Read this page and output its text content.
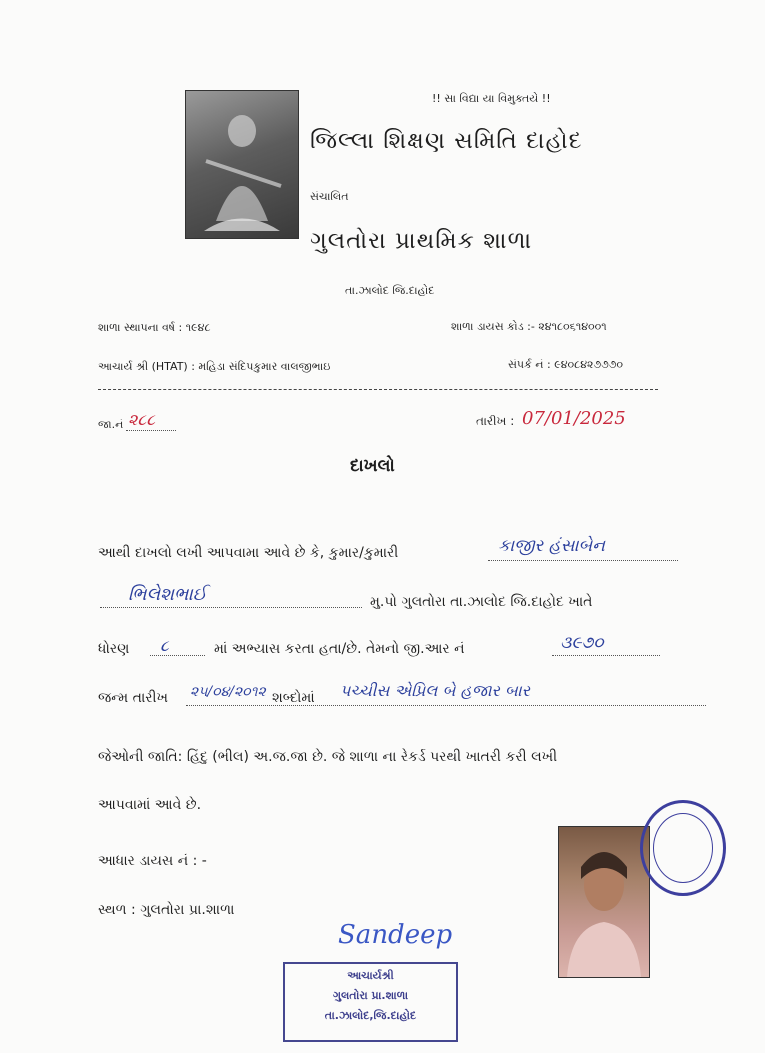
!! સા વિદ્યા યા વિમુક્તયે !!
જિલ્લા શિક્ષણ સમિતિ દાહોદ
સંચાલિત
ગુલતોરા પ્રાથમિક શાળા
તા.ઝાલોદ જિ.દાહોદ
શાળા સ્થાપના વર્ષ : ૧૯૪૮	શાળા ડાયસ કોડ :- ૨૪૧૮૦૬૧૪૦૦૧
આચાર્ય શ્રી (HTAT) : મહિડા સંદિપકુમાર વાલજીભાઇ	સંપર્ક નં : ૯૪૦૮૪૨૭૭૭૦
જા.નં ૨૮૮	તારીખ : 07/01/2025
દાખલો
આથી દાખલો લખી આપવામા આવે છે કે, કુમાર/કુમારી	કાજીર હંસાબેન
ભિલેશભાઈ	મુ.પો ગુલતોરા તા.ઝાલોદ જિ.દાહોદ ખાતે
ધોરણ ૮	માં અભ્યાસ કરતા હતા/છે. તેમનો જી.આર નં	૩૯૭૦
જન્મ તારીખ ૨૫/૦૪/૨૦૧૨ શબ્દોમાં પચ્ચીસ એપ્રિલ બે હજાર બાર
જેઓની જાતિ: હિંદુ (ભીલ) અ.જ.જા છે. જે શાળા ના રેકર્ડ પરથી ખાતરી કરી લખી
આપવામાં આવે છે.
આધાર ડાયસ નં : -
સ્થળ : ગુલતોરા પ્રા.શાળા
Sandeep
આચાર્યશ્રી
ગુલતોરા પ્રા.શાળા
તા.ઝાલોદ,જિ.દાહોદ
